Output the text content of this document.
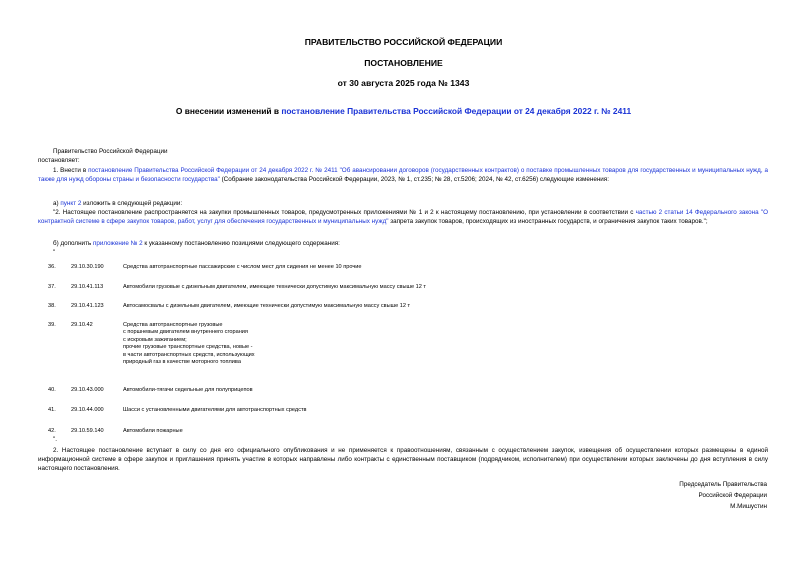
ПРАВИТЕЛЬСТВО РОССИЙСКОЙ ФЕДЕРАЦИИ
ПОСТАНОВЛЕНИЕ
от 30 августа 2025 года № 1343
О внесении изменений в постановление Правительства Российской Федерации от 24 декабря 2022 г. № 2411
Правительство Российской Федерации
постановляет:
1. Внести в постановление Правительства Российской Федерации от 24 декабря 2022 г. № 2411 "Об авансировании договоров (государственных контрактов) о поставке промышленных товаров для государственных и муниципальных нужд, а также для нужд обороны страны и безопасности государства" (Собрание законодательства Российской Федерации, 2023, № 1, ст.235; № 28, ст.5206; 2024, № 42, ст.6256) следующие изменения:
а) пункт 2 изложить в следующей редакции:
"2. Настоящее постановление распространяется на закупки промышленных товаров, предусмотренных приложениями № 1 и 2 к настоящему постановлению, при установлении в соответствии с частью 2 статьи 14 Федерального закона "О контрактной системе в сфере закупок товаров, работ, услуг для обеспечения государственных и муниципальных нужд" запрета закупок товаров, происходящих из иностранных государств, и ограничения закупок таких товаров.";
б) дополнить приложение № 2 к указанному постановлению позициями следующего содержания:
"
36.	29.10.30.190	Средства автотранспортные пассажирские с числом мест для сидения не менее 10 прочие
37.	29.10.41.113	Автомобили грузовые с дизельным двигателем, имеющие технически допустимую максимальную массу свыше 12 т
38.	29.10.41.123	Автосамосвалы с дизельным двигателем, имеющие технически допустимую максимальную массу свыше 12 т
39.	29.10.42	Средства автотранспортные грузовые
с поршневым двигателем внутреннего сгорания
с искровым зажиганием;
прочие грузовые транспортные средства, новые -
в части автотранспортных средств, использующих
природный газ в качестве моторного топлива
40.	29.10.43.000	Автомобили-тягачи седельные для полуприцепов
41.	29.10.44.000	Шасси с установленными двигателями для автотранспортных средств
42.	29.10.59.140	Автомобили пожарные
".
2. Настоящее постановление вступает в силу со дня его официального опубликования и не применяется к правоотношениям, связанным с осуществлением закупок, извещения об осуществлении которых размещены в единой информационной системе в сфере закупок и приглашения принять участие в которых направлены либо контракты с единственным поставщиком (подрядчиком, исполнителем) при осуществлении которых заключены до дня вступления в силу настоящего постановления.
Председатель Правительства
Российской Федерации
М.Мишустин
